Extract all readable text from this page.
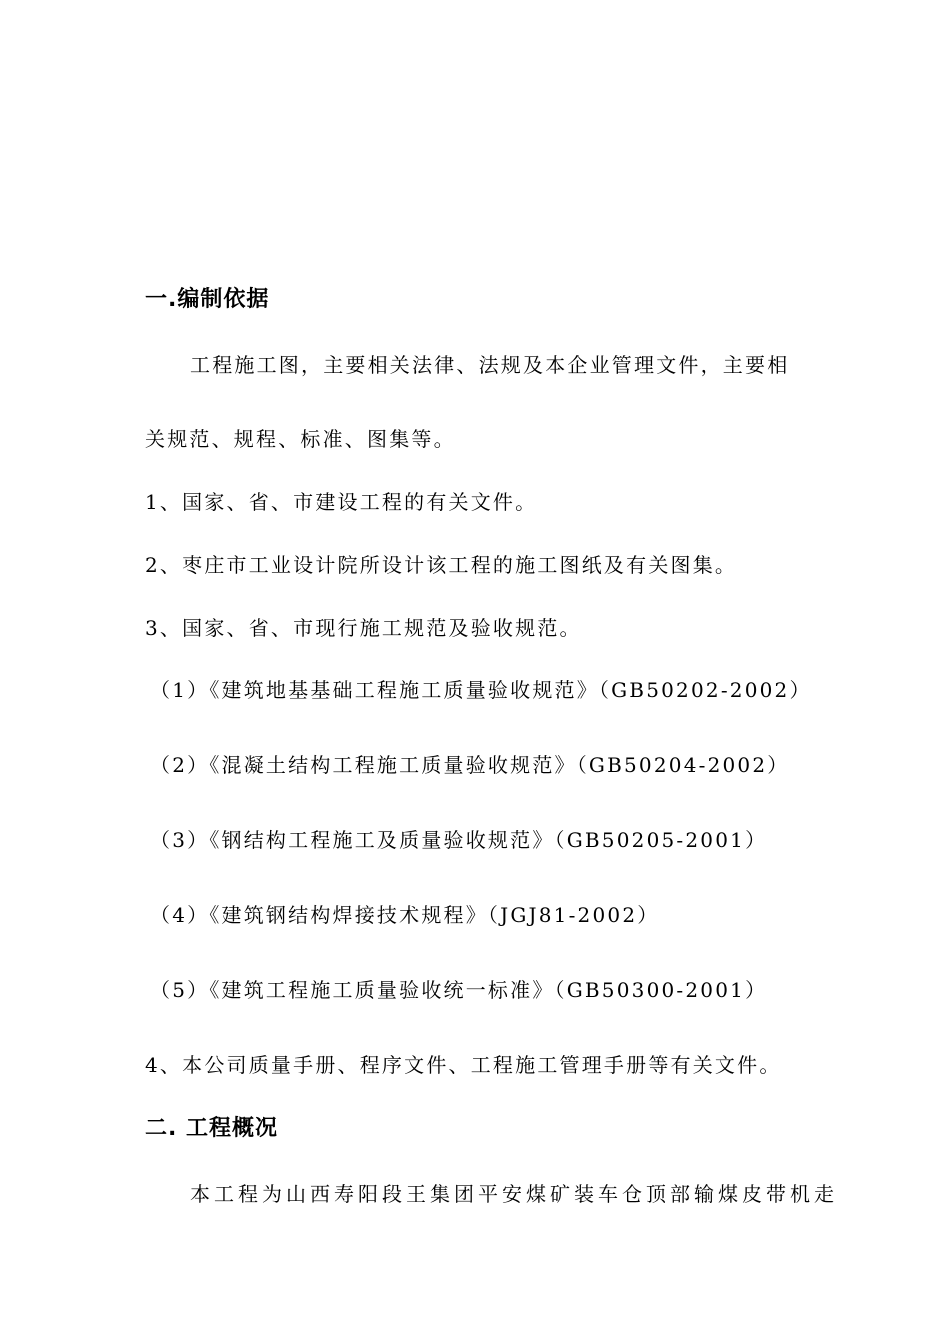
一.编制依据
工程施工图，主要相关法律、法规及本企业管理文件，主要相
关规范、规程、标准、图集等。
1、国家、省、市建设工程的有关文件。
2、枣庄市工业设计院所设计该工程的施工图纸及有关图集。
3、国家、省、市现行施工规范及验收规范。
（1）《建筑地基基础工程施工质量验收规范》（GB50202-2002）
（2）《混凝土结构工程施工质量验收规范》（GB50204-2002）
（3）《钢结构工程施工及质量验收规范》（GB50205-2001）
（4）《建筑钢结构焊接技术规程》（JGJ81-2002）
（5）《建筑工程施工质量验收统一标准》（GB50300-2001）
4、本公司质量手册、程序文件、工程施工管理手册等有关文件。
二. 工程概况
本工程为山西寿阳段王集团平安煤矿装车仓顶部输煤皮带机走
